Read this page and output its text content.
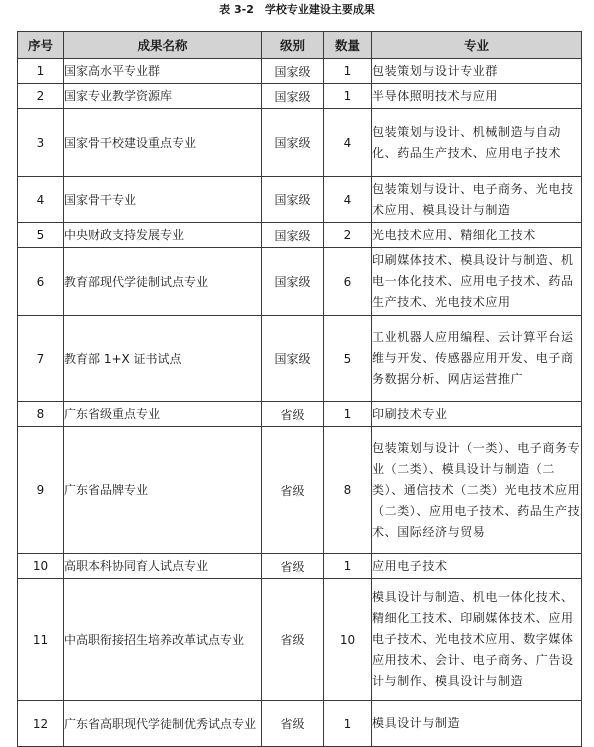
表 3-2　学校专业建设主要成果
序号	成果名称	级别	数量	专业
1	国家高水平专业群	国家级	1	包装策划与设计专业群
2	国家专业教学资源库	国家级	1	半导体照明技术与应用
3	国家骨干校建设重点专业	国家级	4	包装策划与设计、机械制造与自动化、药品生产技术、应用电子技术
4	国家骨干专业	国家级	4	包装策划与设计、电子商务、光电技术应用、模具设计与制造
5	中央财政支持发展专业	国家级	2	光电技术应用、精细化工技术
6	教育部现代学徒制试点专业	国家级	6	印刷媒体技术、模具设计与制造、机电一体化技术、应用电子技术、药品生产技术、光电技术应用
7	教育部 1+X 证书试点	国家级	5	工业机器人应用编程、云计算平台运维与开发、传感器应用开发、电子商务数据分析、网店运营推广
8	广东省级重点专业	省级	1	印刷技术专业
9	广东省品牌专业	省级	8	包装策划与设计（一类）、电子商务专业（二类）、模具设计与制造（二类）、通信技术（二类）光电技术应用（二类）、应用电子技术、药品生产技术、国际经济与贸易
10	高职本科协同育人试点专业	省级	1	应用电子技术
11	中高职衔接招生培养改革试点专业	省级	10	模具设计与制造、机电一体化技术、精细化工技术、印刷媒体技术、应用电子技术、光电技术应用、数字媒体应用技术、会计、电子商务、广告设计与制作、模具设计与制造
12	广东省高职现代学徒制优秀试点专业	省级	1	模具设计与制造
